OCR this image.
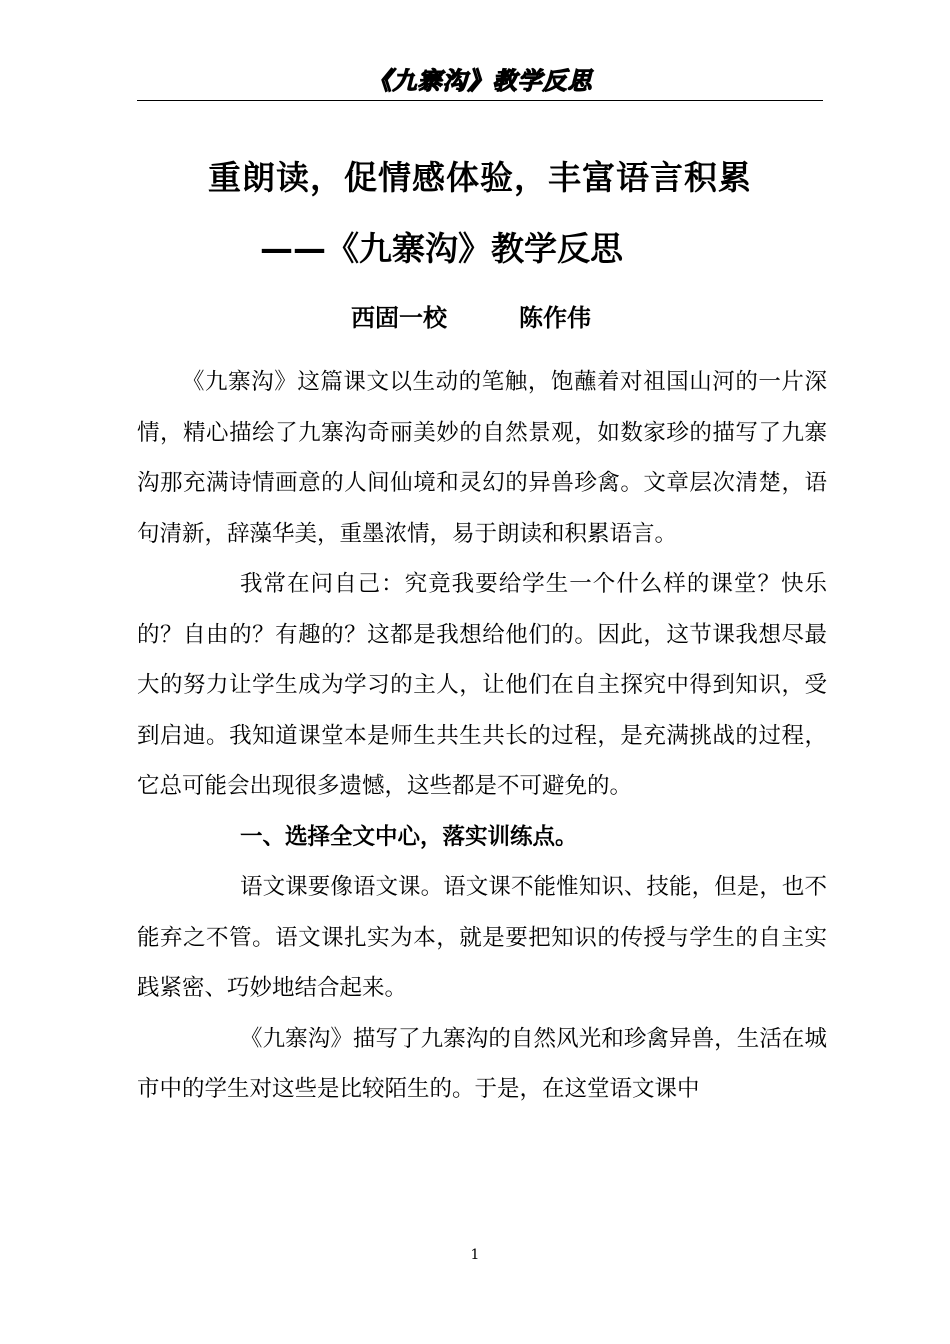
《九寨沟》教学反思
重朗读，促情感体验，丰富语言积累
——《九寨沟》教学反思
西固一校	陈作伟

《九寨沟》这篇课文以生动的笔触，饱蘸着对祖国山河的一片深情，精心描绘了九寨沟奇丽美妙的自然景观，如数家珍的描写了九寨沟那充满诗情画意的人间仙境和灵幻的异兽珍禽。文章层次清楚，语句清新，辞藻华美，重墨浓情，易于朗读和积累语言。

我常在问自己：究竟我要给学生一个什么样的课堂？快乐的？自由的？有趣的？这都是我想给他们的。因此，这节课我想尽最大的努力让学生成为学习的主人，让他们在自主探究中得到知识，受到启迪。我知道课堂本是师生共生共长的过程，是充满挑战的过程，它总可能会出现很多遗憾，这些都是不可避免的。

一、选择全文中心，落实训练点。

语文课要像语文课。语文课不能惟知识、技能，但是，也不能弃之不管。语文课扎实为本，就是要把知识的传授与学生的自主实践紧密、巧妙地结合起来。

《九寨沟》描写了九寨沟的自然风光和珍禽异兽，生活在城市中的学生对这些是比较陌生的。于是，在这堂语文课中

1
